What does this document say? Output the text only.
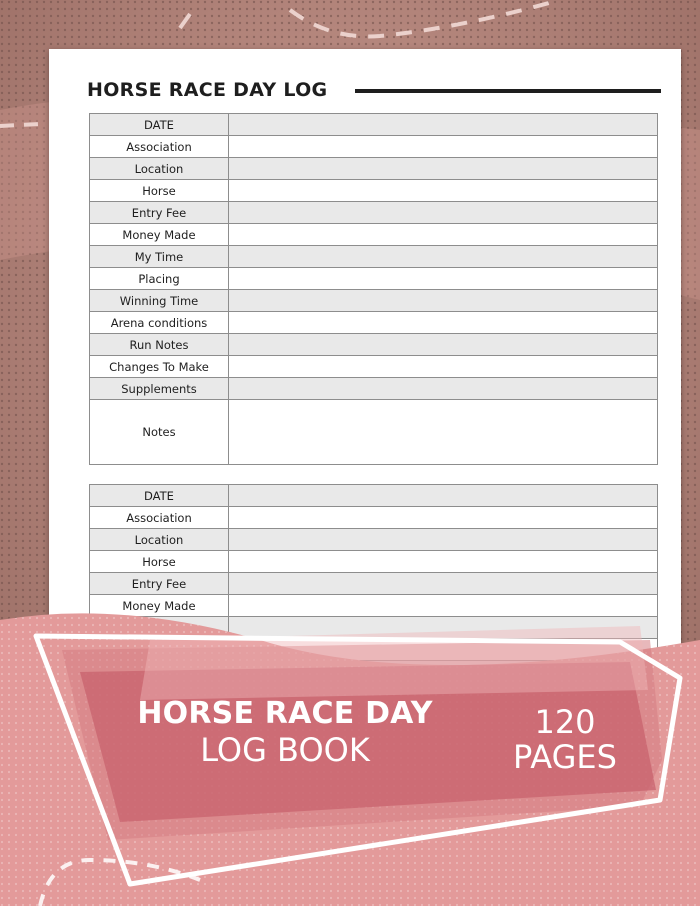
HORSE RACE DAY LOG
DATE	
Association	
Location	
Horse	
Entry Fee	
Money Made	
My Time	
Placing	
Winning Time	
Arena conditions	
Run Notes	
Changes To Make	
Supplements	
Notes	
DATE	
Association	
Location	
Horse	
Entry Fee	
Money Made	

HORSE RACE DAY
LOG BOOK
120
PAGES
